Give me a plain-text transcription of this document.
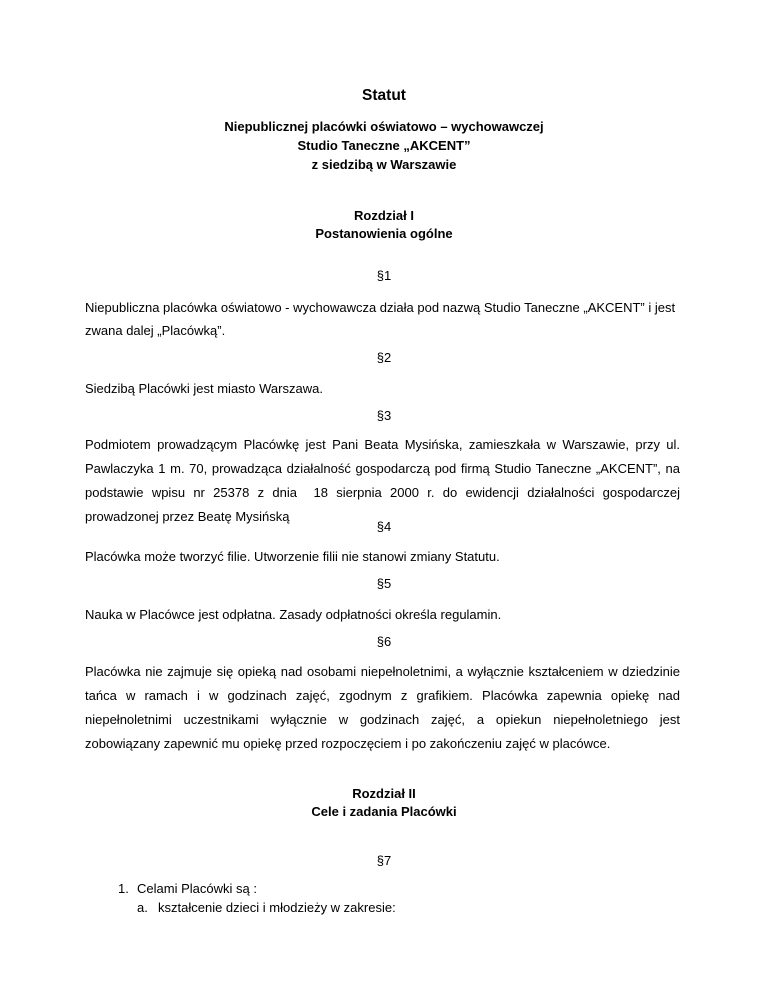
Statut
Niepublicznej placówki oświatowo – wychowawczej
Studio Taneczne „AKCENT”
z siedzibą w Warszawie
Rozdział I
Postanowienia ogólne
§1
Niepubliczna placówka oświatowo - wychowawcza działa pod nazwą Studio Taneczne „AKCENT” i jest
zwana dalej „Placówką”.
§2
Siedzibą Placówki jest miasto Warszawa.
§3
Podmiotem prowadzącym Placówkę jest Pani Beata Mysińska, zamieszkała w Warszawie, przy ul.
Pawlaczyka 1 m. 70, prowadząca działalność gospodarczą pod firmą Studio Taneczne „AKCENT”, na
podstawie wpisu nr 25378 z dnia  18 sierpnia 2000 r. do ewidencji działalności gospodarczej
prowadzonej przez Beatę Mysińską
§4
Placówka może tworzyć filie. Utworzenie filii nie stanowi zmiany Statutu.
§5
Nauka w Placówce jest odpłatna. Zasady odpłatności określa regulamin.
§6
Placówka nie zajmuje się opieką nad osobami niepełnoletnimi, a wyłącznie kształceniem w dziedzinie
tańca w ramach i w godzinach zajęć, zgodnym z grafikiem. Placówka zapewnia opiekę nad
niepełnoletnimi uczestnikami wyłącznie w godzinach zajęć, a opiekun niepełnoletniego jest
zobowiązany zapewnić mu opiekę przed rozpoczęciem i po zakończeniu zajęć w placówce.
Rozdział II
Cele i zadania Placówki
§7
1. Celami Placówki są :
a. kształcenie dzieci i młodzieży w zakresie:
